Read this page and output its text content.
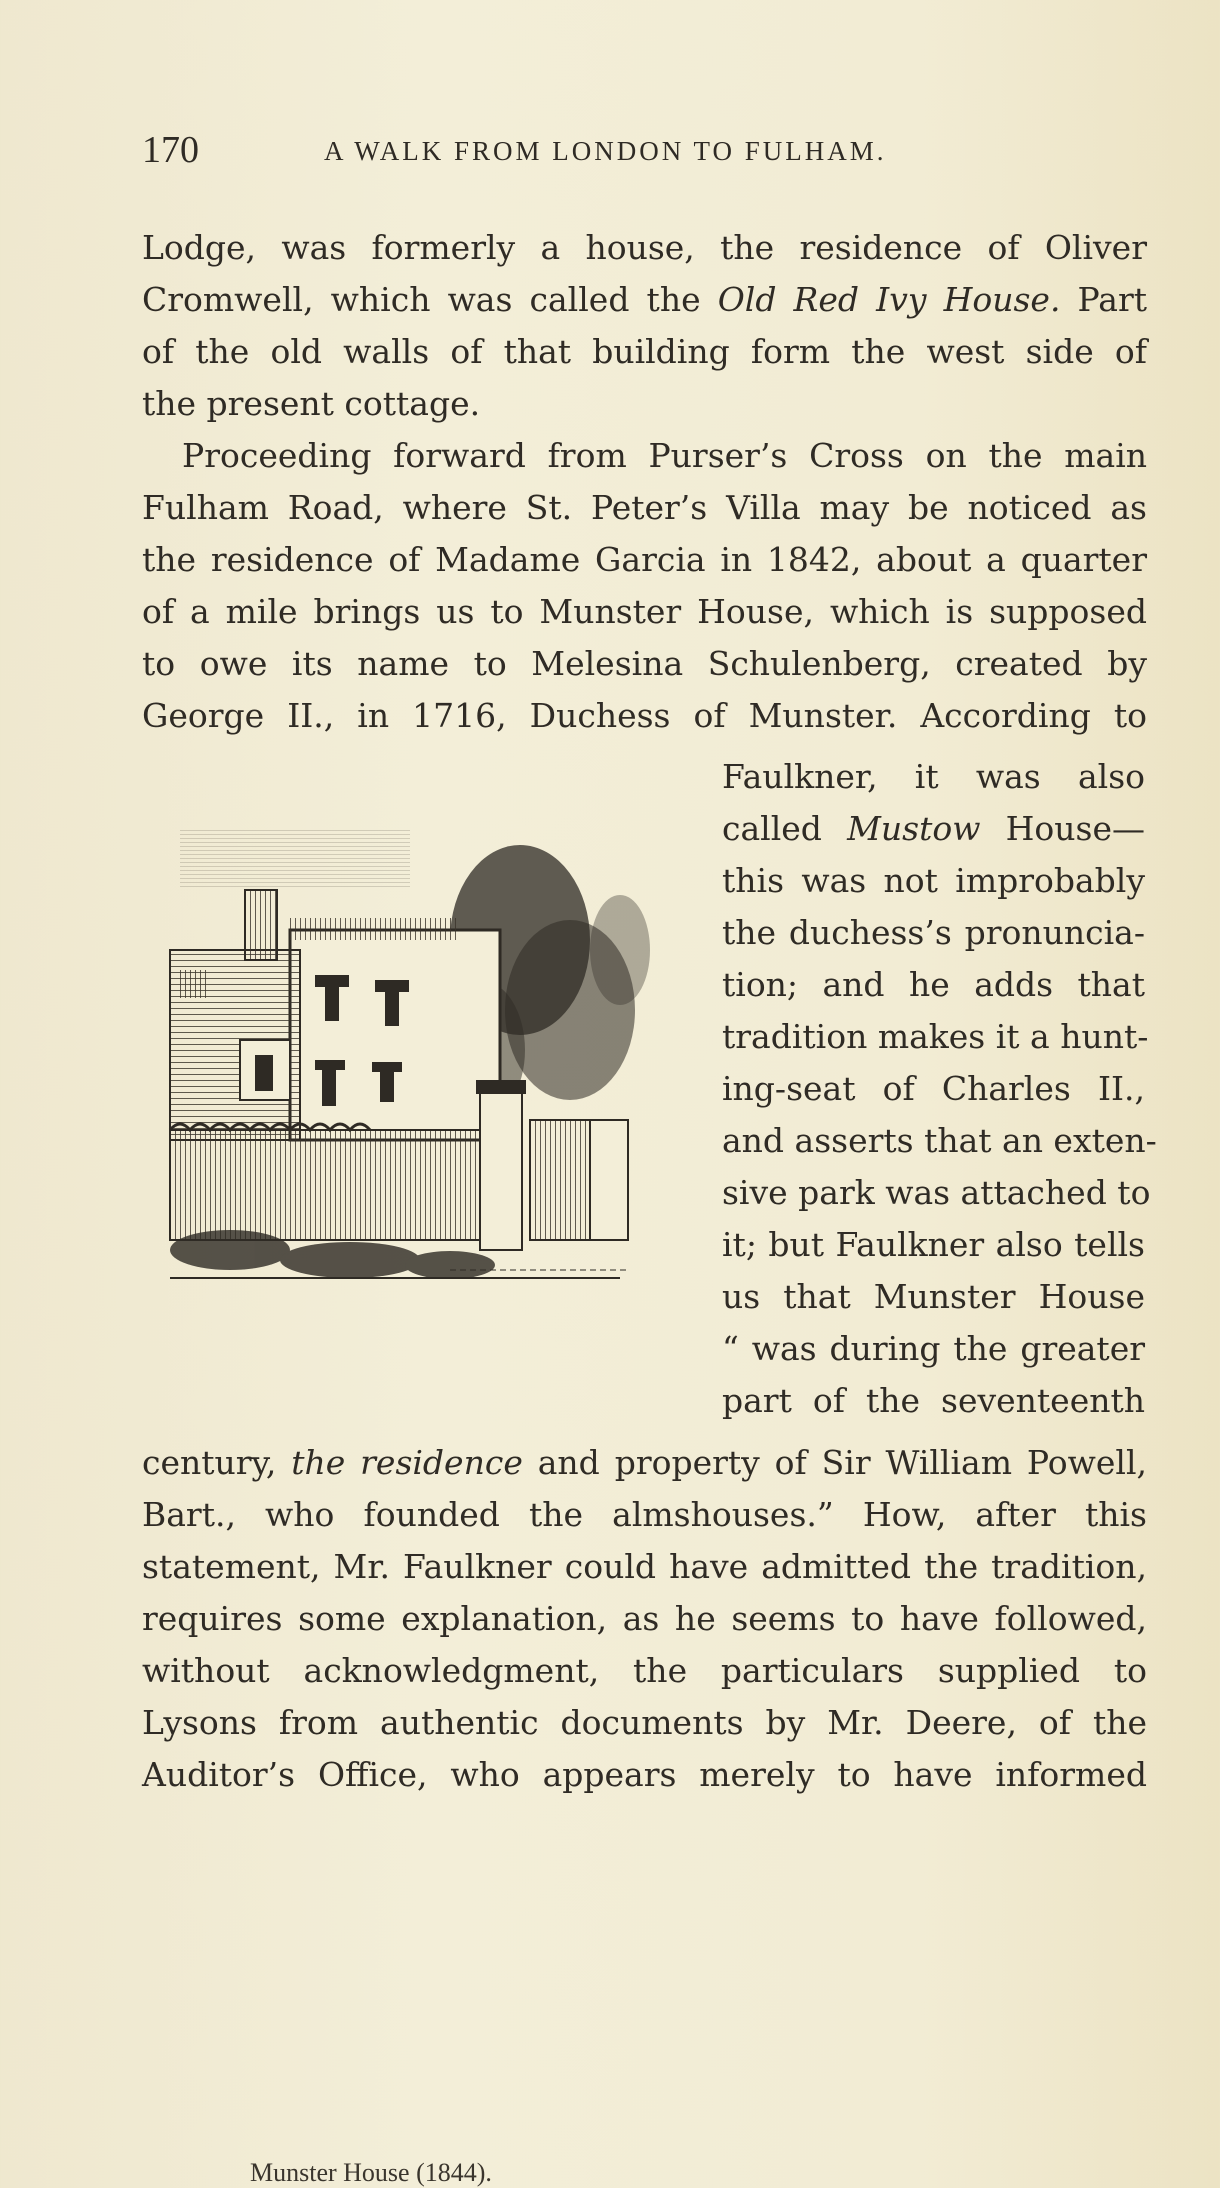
170	A WALK FROM LONDON TO FULHAM.
Lodge, was formerly a house, the residence of Oliver
Cromwell, which was called the Old Red Ivy House. Part
of the old walls of that building form the west side of
the present cottage.
Proceeding forward from Purser’s Cross on the main
Fulham Road, where St. Peter’s Villa may be noticed as
the residence of Madame Garcia in 1842, about a quarter
of a mile brings us to Munster House, which is supposed
to owe its name to Melesina Schulenberg, created by
George II., in 1716, Duchess of Munster. According to
Faulkner, it was also
called Mustow House—
this was not improbably
the duchess’s pronuncia-
tion; and he adds that
tradition makes it a hunt-
ing-seat of Charles II.,
and asserts that an exten-
sive park was attached to
it; but Faulkner also tells
us that Munster House
“ was during the greater
part of the seventeenth
century, the residence and property of Sir William Powell,
Bart., who founded the almshouses.” How, after this
statement, Mr. Faulkner could have admitted the tradition,
requires some explanation, as he seems to have followed,
without acknowledgment, the particulars supplied to
Lysons from authentic documents by Mr. Deere, of the
Auditor’s Office, who appears merely to have informed
Munster House (1844).
